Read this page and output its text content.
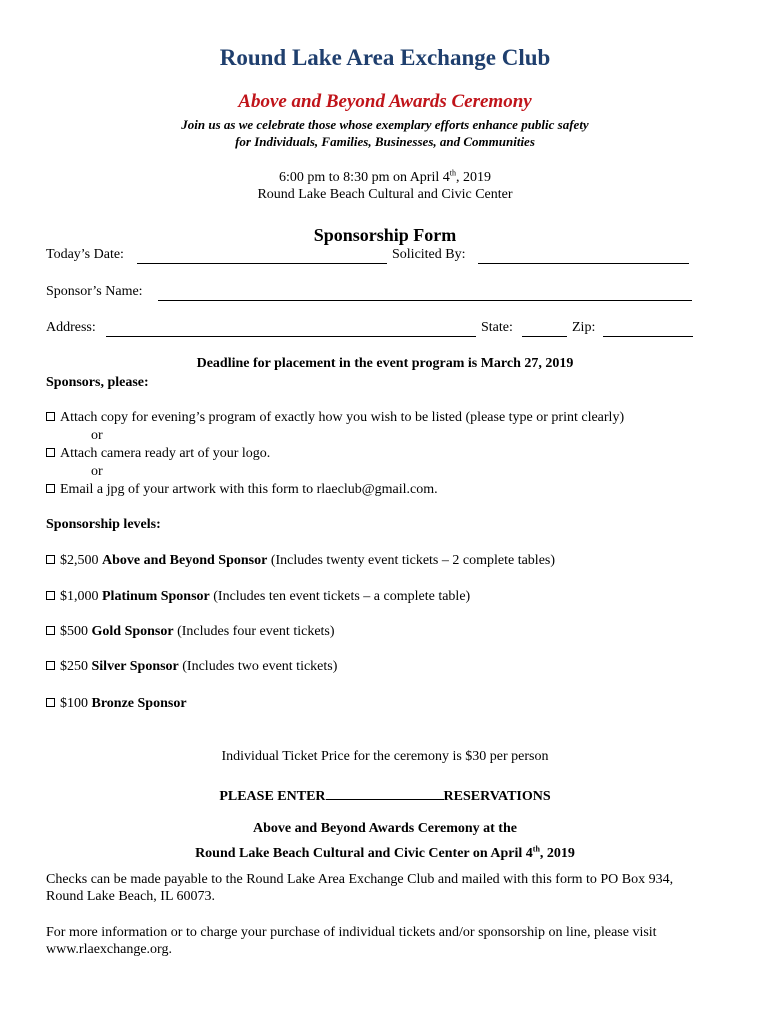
Round Lake Area Exchange Club
Above and Beyond Awards Ceremony
Join us as we celebrate those whose exemplary efforts enhance public safety
for Individuals, Families, Businesses, and Communities
6:00 pm to 8:30 pm on April 4th, 2019
Round Lake Beach Cultural and Civic Center
Sponsorship Form
Today’s Date:	Solicited By:
Sponsor’s Name:
Address:	State:	Zip:
Deadline for placement in the event program is March 27, 2019
Sponsors, please:
Attach copy for evening’s program of exactly how you wish to be listed (please type or print clearly)
or
Attach camera ready art of your logo.
or
Email a jpg of your artwork with this form to rlaeclub@gmail.com.
Sponsorship levels:
$2,500 Above and Beyond Sponsor (Includes twenty event tickets – 2 complete tables)
$1,000 Platinum Sponsor (Includes ten event tickets – a complete table)
$500 Gold Sponsor (Includes four event tickets)
$250 Silver Sponsor (Includes two event tickets)
$100 Bronze Sponsor
Individual Ticket Price for the ceremony is $30 per person
PLEASE ENTER	RESERVATIONS
Above and Beyond Awards Ceremony at the
Round Lake Beach Cultural and Civic Center on April 4th, 2019
Checks can be made payable to the Round Lake Area Exchange Club and mailed with this form to PO Box 934,
Round Lake Beach, IL 60073.
For more information or to charge your purchase of individual tickets and/or sponsorship on line, please visit
www.rlaexchange.org.
